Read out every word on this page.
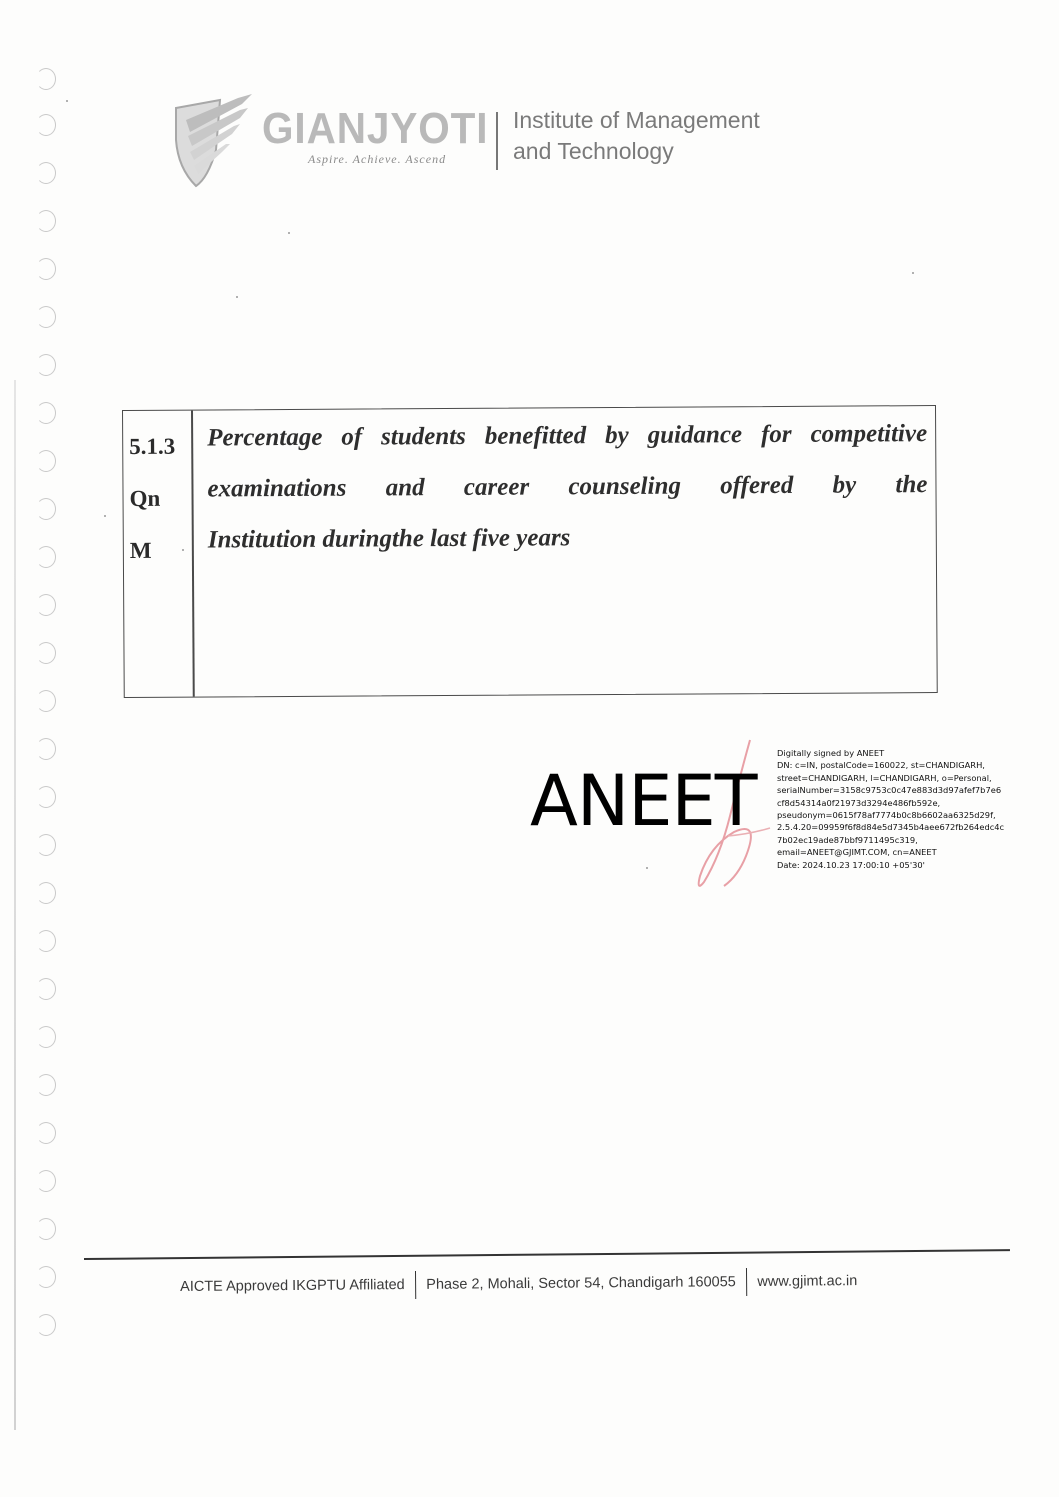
GIANJYOTI
Aspire. Achieve. Ascend
Institute of Management
and Technology
5.1.3
Qn
M
Percentage of students benefitted by guidance for competitive
examinations and career counseling offered by the
Institution duringthe last five years
ANEET
Digitally signed by ANEET
DN: c=IN, postalCode=160022, st=CHANDIGARH,
street=CHANDIGARH, l=CHANDIGARH, o=Personal,
serialNumber=3158c9753c0c47e883d3d97afef7b7e6
cf8d54314a0f21973d3294e486fb592e,
pseudonym=0615f78af7774b0c8b6602aa6325d29f,
2.5.4.20=09959f6f8d84e5d7345b4aee672fb264edc4c
7b02ec19ade87bbf9711495c319,
email=ANEET@GJIMT.COM, cn=ANEET
Date: 2024.10.23 17:00:10 +05'30'
AICTE Approved IKGPTU Affiliated Phase 2, Mohali, Sector 54, Chandigarh 160055 www.gjimt.ac.in
